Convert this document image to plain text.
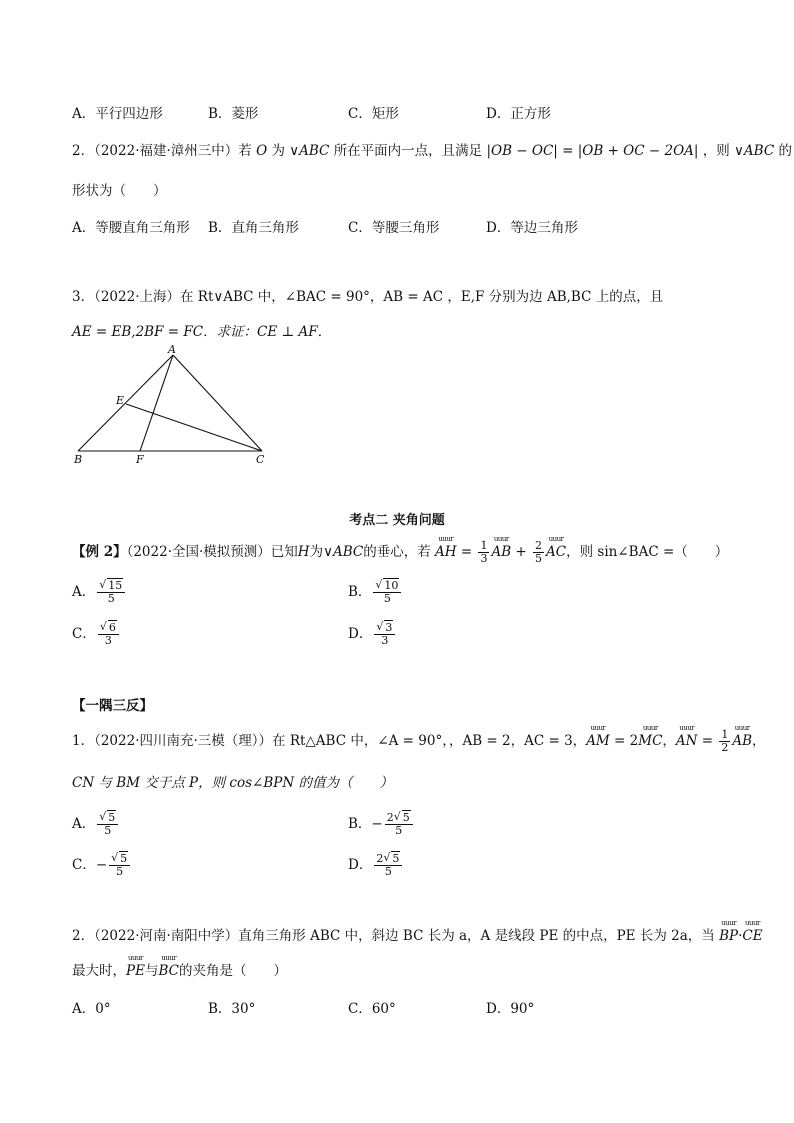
A．平行四边形	B．菱形	C．矩形	D．正方形
2．（2022·福建·漳州三中）若 O 为 ∨ABC 所在平面内一点，且满足 |OB − OC| = |OB + OC − 2OA| ，则 ∨ABC 的
形状为（　　）
A．等腰直角三角形 B．直角三角形	C．等腰三角形	D．等边三角形
3．（2022·上海）在 Rt∨ABC 中，∠BAC = 90°，AB = AC ，E,F 分别为边 AB,BC 上的点，且
AE = EB,2BF = FC．求证：CE ⊥ AF．
A
E
B	F	C
考点二 夹角问题
【例 2】（2022·全国·模拟预测）已知H为∨ABC的垂心，若 uuur AH = $\frac{1}{3}$ uuur AB + $\frac{2}{5}$ uuur AC，则 sin∠BAC =（　　）
A． √ $\frac{15}{5}$	B． √ $\frac{10}{5}$
C． √ $\frac{6}{3}$	D． √ $\frac{3}{3}$
【一隅三反】
1．（2022·四川南充·三模（理））在 Rt△ABC 中，∠A = 90°，，AB = 2，AC = 3，uuur AM = 2uuur MC，uuur AN = $\frac{1}{2}$ uuur AB，
CN 与 BM 交于点 P，则 cos∠BPN 的值为（　　）
A． √ $\frac{5}{5}$	B．− $\frac{2 √ 5}{5}$
C．− √ $\frac{5}{5}$	D． $\frac{2 √ 5}{5}$
2．（2022·河南·南阳中学）直角三角形 ABC 中，斜边 BC 长为 a，A 是线段 PE 的中点，PE 长为 2a，当 uuur BP·uuur CE
最大时，uuur PE与uuur BC的夹角是（　　）
A．0°	B．30°	C．60°	D．90°
